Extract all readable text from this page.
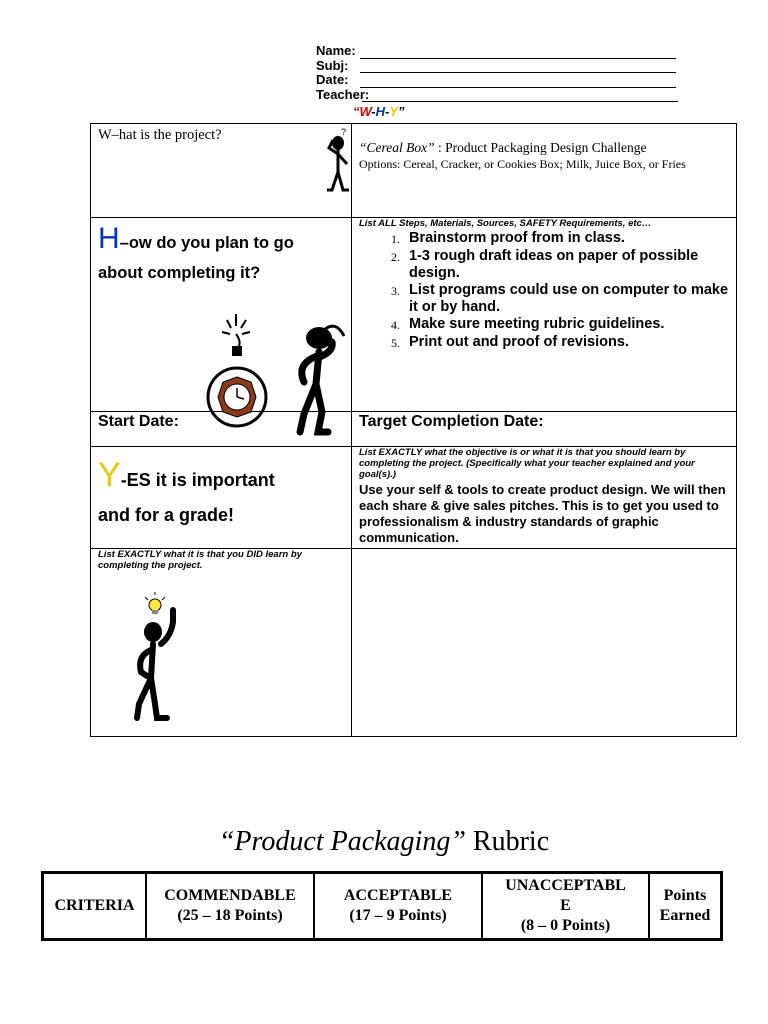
Name:
Subj:
Date:
Teacher:
“W-H-Y”
W–hat is the project?	?
“Cereal Box” : Product Packaging Design Challenge
Options: Cereal, Cracker, or Cookies Box; Milk, Juice Box, or Fries
H–ow do you plan to go about completing it?
List ALL Steps, Materials, Sources, SAFETY Requirements, etc…
1. Brainstorm proof from in class.
2. 1-3 rough draft ideas on paper of possible design.
3. List programs could use on computer to make it or by hand.
4. Make sure meeting rubric guidelines.
5. Print out and proof of revisions.
Start Date:	Target Completion Date:
Y-ES it is important
and for a grade!
List EXACTLY what the objective is or what it is that you should learn by completing the project. (Specifically what your teacher explained and your goal(s).)
Use your self & tools to create product design. We will then each share & give sales pitches. This is to get you used to professionalism & industry standards of graphic communication.
List EXACTLY what it is that you DID learn by completing the project.
“Product Packaging” Rubric
CRITERIA
COMMENDABLE
(25 – 18 Points)
ACCEPTABLE
(17 – 9 Points)
UNACCEPTABL
E
(8 – 0 Points)
Points
Earned
